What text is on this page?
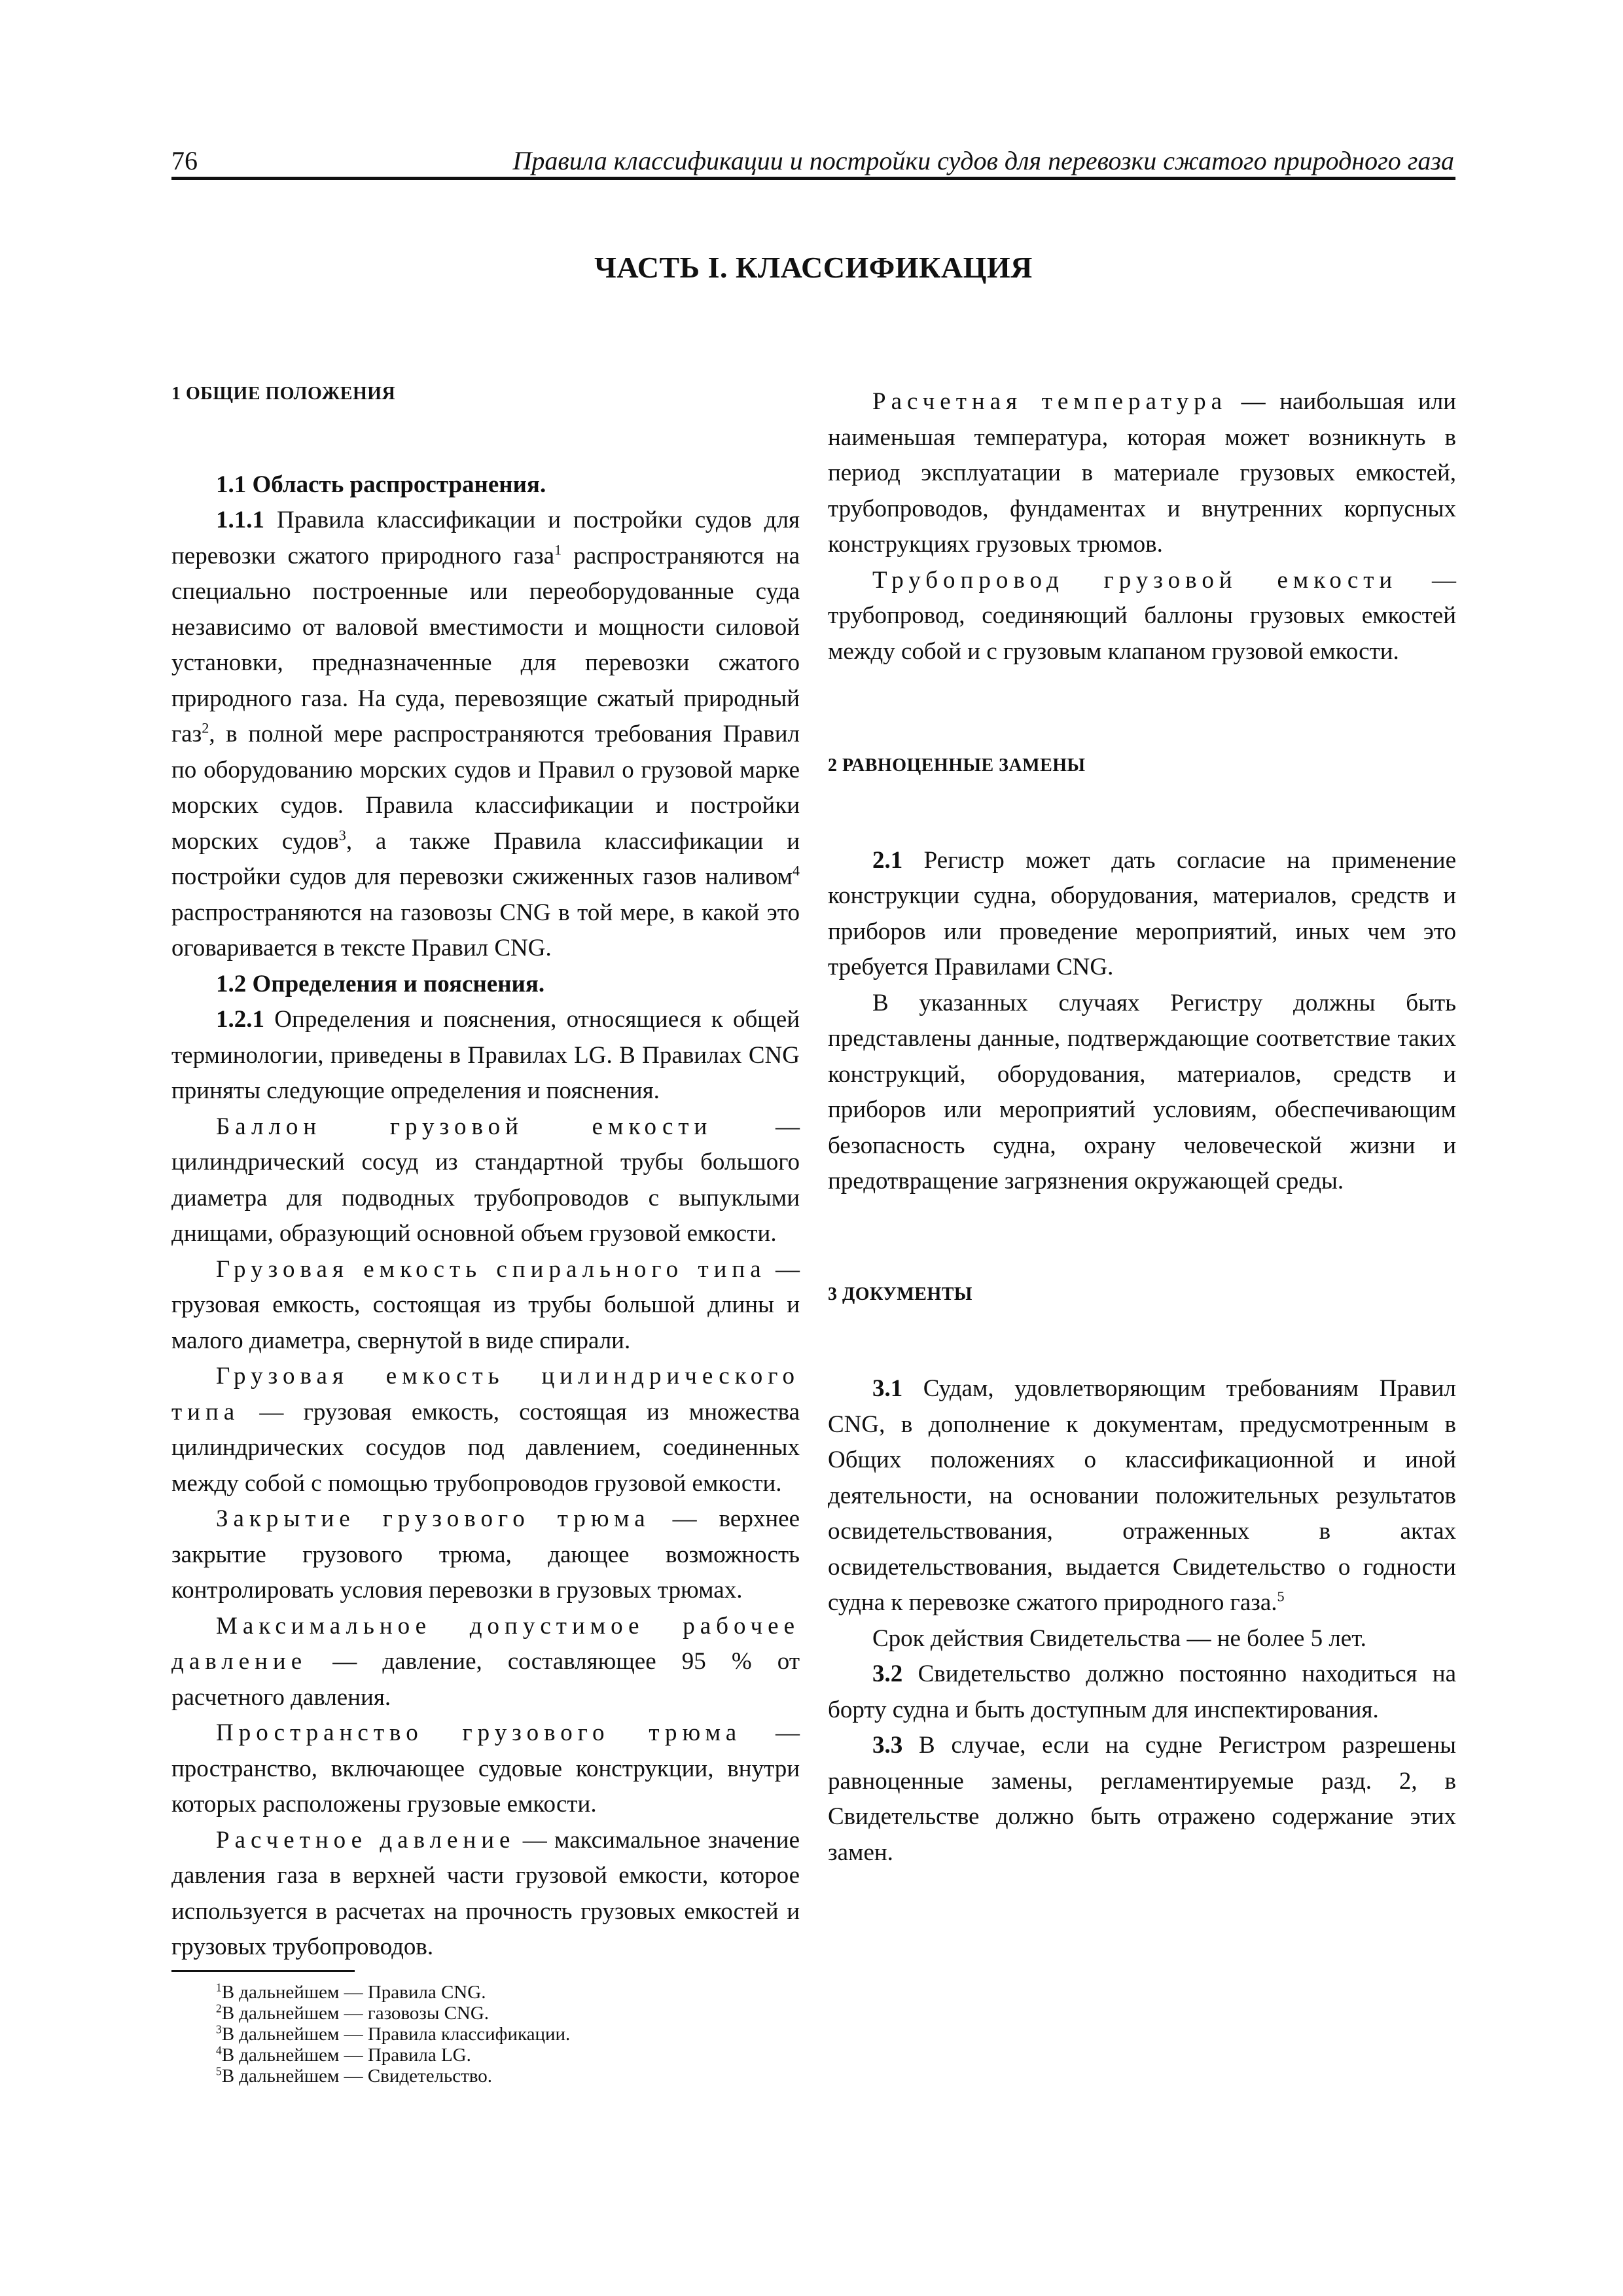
76	Правила классификации и постройки судов для перевозки сжатого природного газа
ЧАСТЬ I. КЛАССИФИКАЦИЯ

1 ОБЩИЕ ПОЛОЖЕНИЯ

1.1 Область распространения.

1.1.1 Правила классификации и постройки судов для перевозки сжатого природного газа$^1$ распространяются на специально построенные или переоборудованные суда независимо от валовой вместимости и мощности силовой установки, предназначенные для перевозки сжатого природного газа. На суда, перевозящие сжатый природный газ$^2$, в полной мере распространяются требования Правил по оборудованию морских судов и Правил о грузовой марке морских судов. Правила классификации и постройки морских судов$^3$, а также Правила классификации и постройки судов для перевозки сжиженных газов наливом$^4$ распространяются на газовозы CNG в той мере, в какой это оговаривается в тексте Правил CNG.

1.2 Определения и пояснения.

1.2.1 Определения и пояснения, относящиеся к общей терминологии, приведены в Правилах LG. В Правилах CNG приняты следующие определения и пояснения.

Баллон грузовой емкости — цилиндрический сосуд из стандартной трубы большого диаметра для подводных трубопроводов с выпуклыми днищами, образующий основной объем грузовой емкости.

Грузовая емкость спирального типа — грузовая емкость, состоящая из трубы большой длины и малого диаметра, свернутой в виде спирали.

Грузовая емкость цилиндрического типа — грузовая емкость, состоящая из множества цилиндрических сосудов под давлением, соединенных между собой с помощью трубопроводов грузовой емкости.

Закрытие грузового трюма — верхнее закрытие грузового трюма, дающее возможность контролировать условия перевозки в грузовых трюмах.

Максимальное допустимое рабочее давление — давление, составляющее 95 % от расчетного давления.

Пространство грузового трюма — пространство, включающее судовые конструкции, внутри которых расположены грузовые емкости.

Расчетное давление — максимальное значение давления газа в верхней части грузовой емкости, которое используется в расчетах на прочность грузовых емкостей и грузовых трубопроводов.

Расчетная температура — наибольшая или наименьшая температура, которая может возникнуть в период эксплуатации в материале грузовых емкостей, трубопроводов, фундаментах и внутренних корпусных конструкциях грузовых трюмов.

Трубопровод грузовой емкости — трубопровод, соединяющий баллоны грузовых емкостей между собой и с грузовым клапаном грузовой емкости.

2 РАВНОЦЕННЫЕ ЗАМЕНЫ

2.1 Регистр может дать согласие на применение конструкции судна, оборудования, материалов, средств и приборов или проведение мероприятий, иных чем это требуется Правилами CNG.

В указанных случаях Регистру должны быть представлены данные, подтверждающие соответствие таких конструкций, оборудования, материалов, средств и приборов или мероприятий условиям, обеспечивающим безопасность судна, охрану человеческой жизни и предотвращение загрязнения окружающей среды.

3 ДОКУМЕНТЫ

3.1 Судам, удовлетворяющим требованиям Правил CNG, в дополнение к документам, предусмотренным в Общих положениях о классификационной и иной деятельности, на основании положительных результатов освидетельствования, отраженных в актах освидетельствования, выдается Свидетельство о годности судна к перевозке сжатого природного газа.$^5$

Срок действия Свидетельства — не более 5 лет.

3.2 Свидетельство должно постоянно находиться на борту судна и быть доступным для инспектирования.

3.3 В случае, если на судне Регистром разрешены равноценные замены, регламентируемые разд. 2, в Свидетельстве должно быть отражено содержание этих замен.

$^1$В дальнейшем — Правила CNG.
$^2$В дальнейшем — газовозы CNG.
$^3$В дальнейшем — Правила классификации.
$^4$В дальнейшем — Правила LG.
$^5$В дальнейшем — Свидетельство.
